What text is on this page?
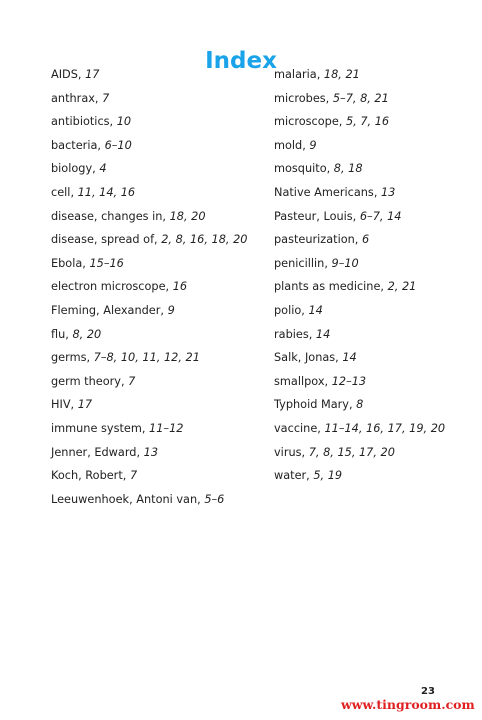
Index
AIDS, 17
anthrax, 7
antibiotics, 10
bacteria, 6–10
biology, 4
cell, 11, 14, 16
disease, changes in, 18, 20
disease, spread of, 2, 8, 16, 18, 20
Ebola, 15–16
electron microscope, 16
Fleming, Alexander, 9
flu, 8, 20
germs, 7–8, 10, 11, 12, 21
germ theory, 7
HIV, 17
immune system, 11–12
Jenner, Edward, 13
Koch, Robert, 7
Leeuwenhoek, Antoni van, 5–6
malaria, 18, 21
microbes, 5–7, 8, 21
microscope, 5, 7, 16
mold, 9
mosquito, 8, 18
Native Americans, 13
Pasteur, Louis, 6–7, 14
pasteurization, 6
penicillin, 9–10
plants as medicine, 2, 21
polio, 14
rabies, 14
Salk, Jonas, 14
smallpox, 12–13
Typhoid Mary, 8
vaccine, 11–14, 16, 17, 19, 20
virus, 7, 8, 15, 17, 20
water, 5, 19
23
www.tingroom.com
